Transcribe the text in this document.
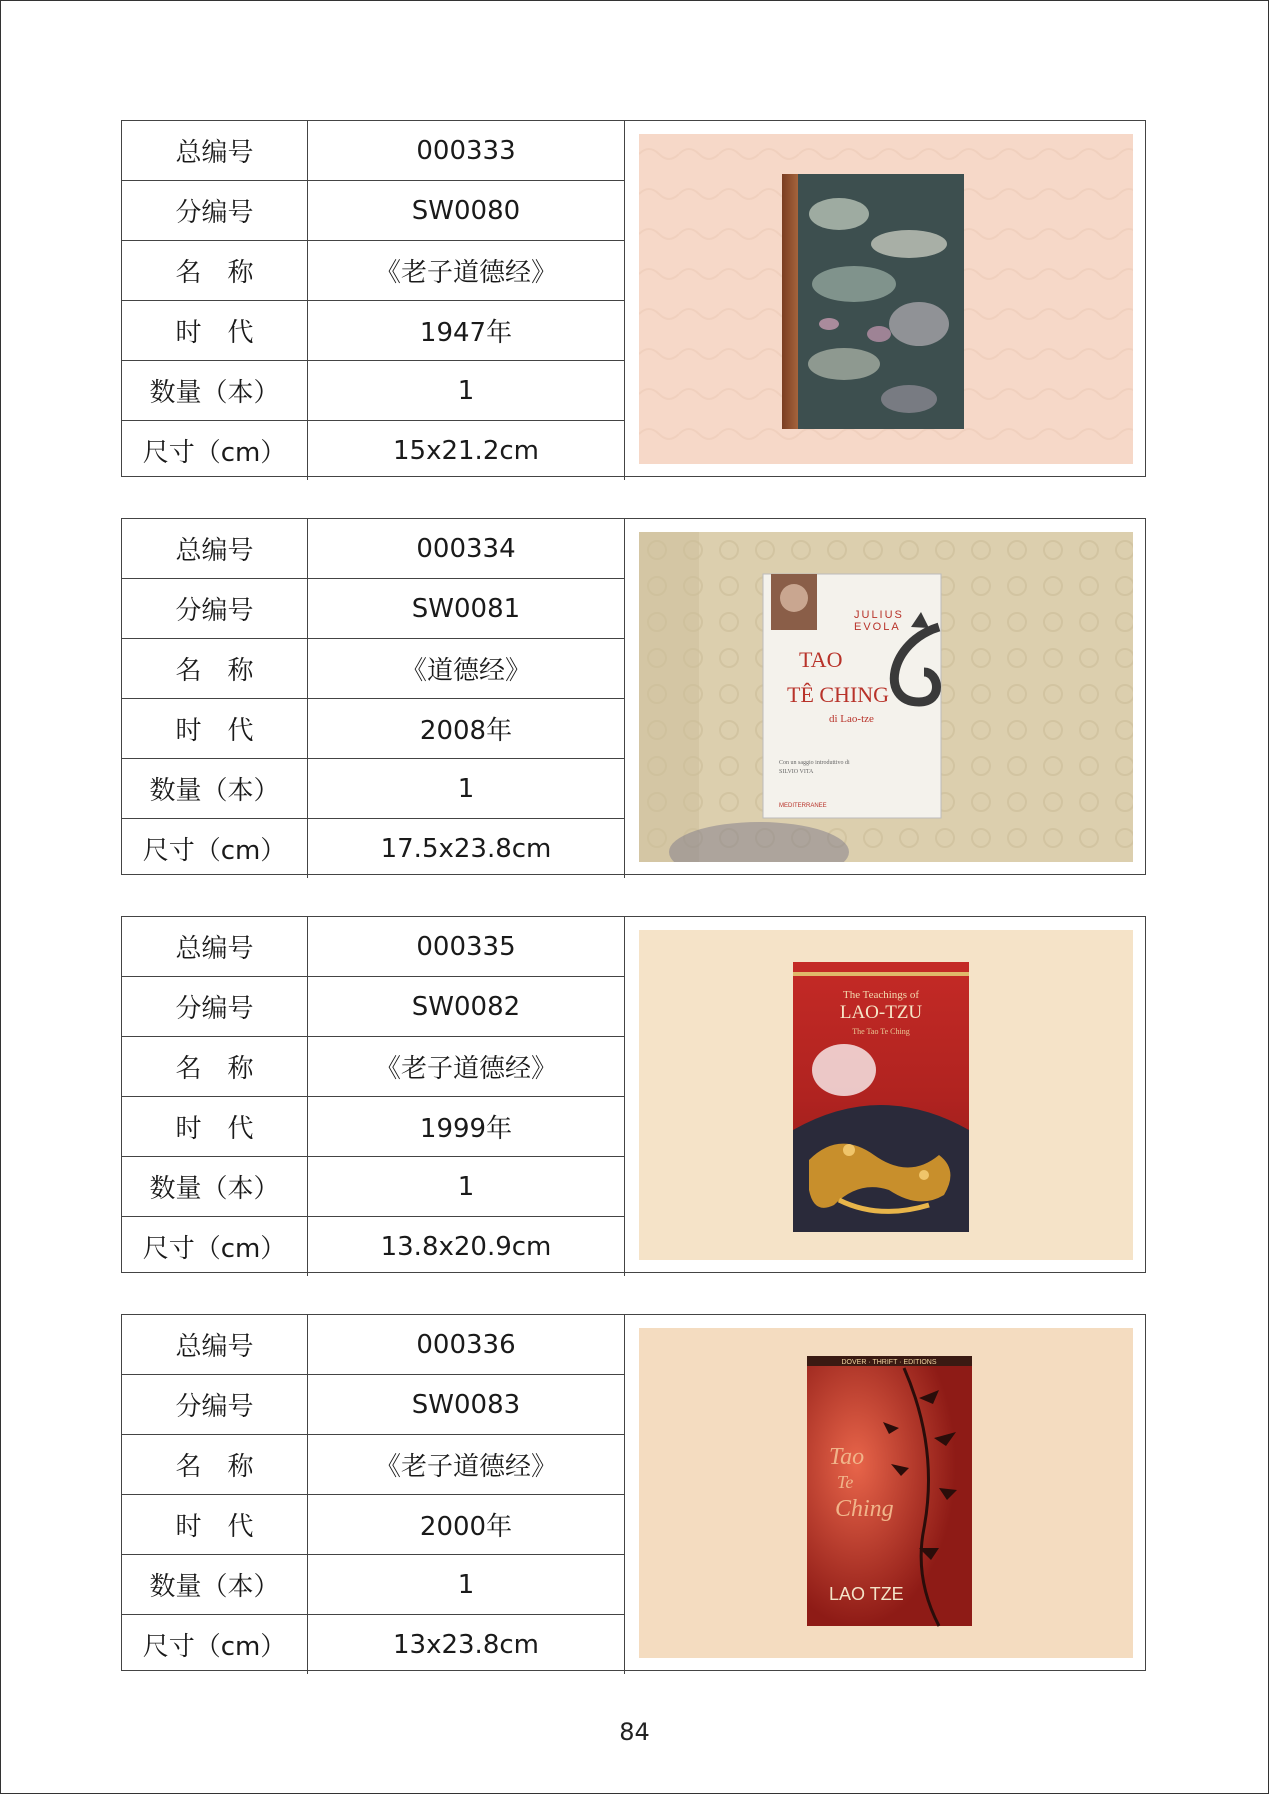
总编号	000333
分编号	SW0080
名　称	《老子道德经》
时　代	1947年
数量（本）	1
尺寸（cm）	15x21.2cm
总编号	000334
分编号	SW0081
名　称	《道德经》
时　代	2008年
数量（本）	1
尺寸（cm）	17.5x23.8cm
JULIUS
EVOLA
TAO
TÊ CHING
di Lao-tze
Con un saggio introduttivo di
SILVIO VITA
MEDITERRANEE
总编号	000335
分编号	SW0082
名　称	《老子道德经》
时　代	1999年
数量（本）	1
尺寸（cm）	13.8x20.9cm
The Teachings of
LAO-TZU
The Tao Te Ching
总编号	000336
分编号	SW0083
名　称	《老子道德经》
时　代	2000年
数量（本）	1
尺寸（cm）	13x23.8cm
DOVER · THRIFT · EDITIONS
Tao
Te
Ching
LAO TZE
84
